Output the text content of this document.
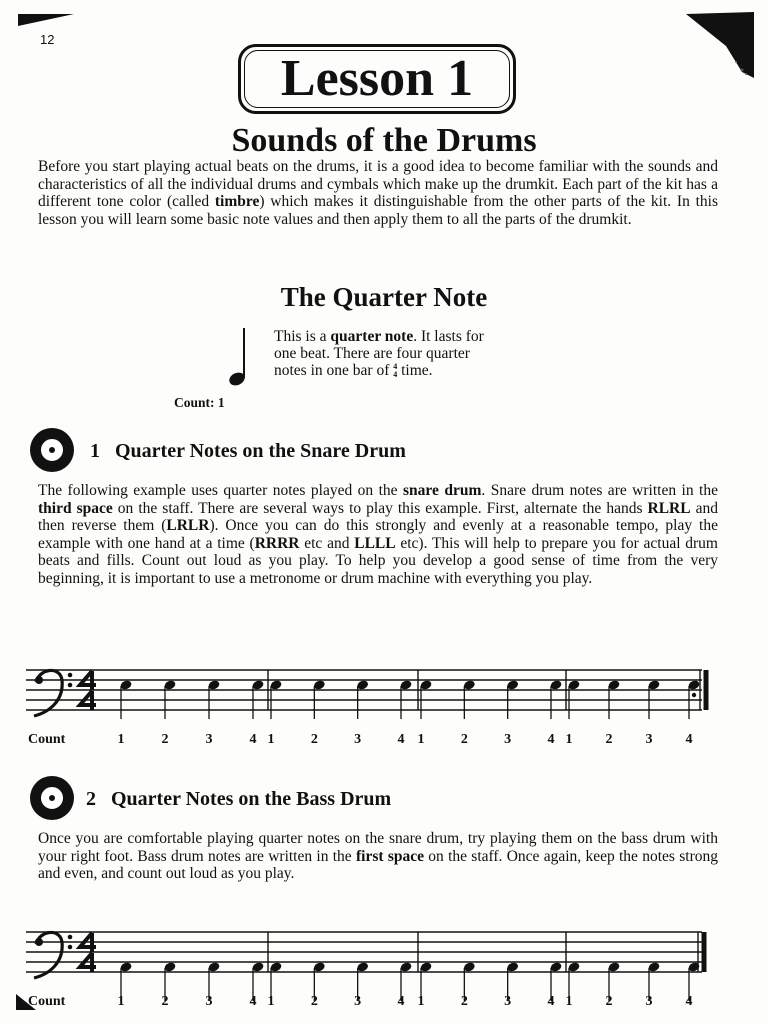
12
Lesson 1
Sounds of the Drums
Before you start playing actual beats on the drums, it is a good idea to become familiar with the sounds and characteristics of all the individual drums and cymbals which make up the drumkit. Each part of the kit has a different tone color (called timbre) which makes it distinguishable from the other parts of the kit. In this lesson you will learn some basic note values and then apply them to all the parts of the drumkit.
The Quarter Note
This is a quarter note. It lasts for one beat. There are four quarter notes in one bar of 4
4 time.
Count: 1
1 Quarter Notes on the Snare Drum
The following example uses quarter notes played on the snare drum. Snare drum notes are written in the third space on the staff. There are several ways to play this example. First, alternate the hands RLRL and then reverse them (LRLR). Once you can do this strongly and evenly at a reasonable tempo, play the example with one hand at a time (RRRR etc and LLLL etc). This will help to prepare you for actual drum beats and fills. Count out loud as you play. To help you develop a good sense of time from the very beginning, it is important to use a metronome or drum machine with everything you play.
Count	1	2	3	4 1	2	3	4 1	2	3	4 1 2 3 4
2 Quarter Notes on the Bass Drum
Once you are comfortable playing quarter notes on the snare drum, try playing them on the bass drum with your right foot. Bass drum notes are written in the first space on the staff. Once again, keep the notes strong and even, and count out loud as you play.
Count	1	2	3	4 1	2	3	4 1	2	3	4 1 2 3 4
